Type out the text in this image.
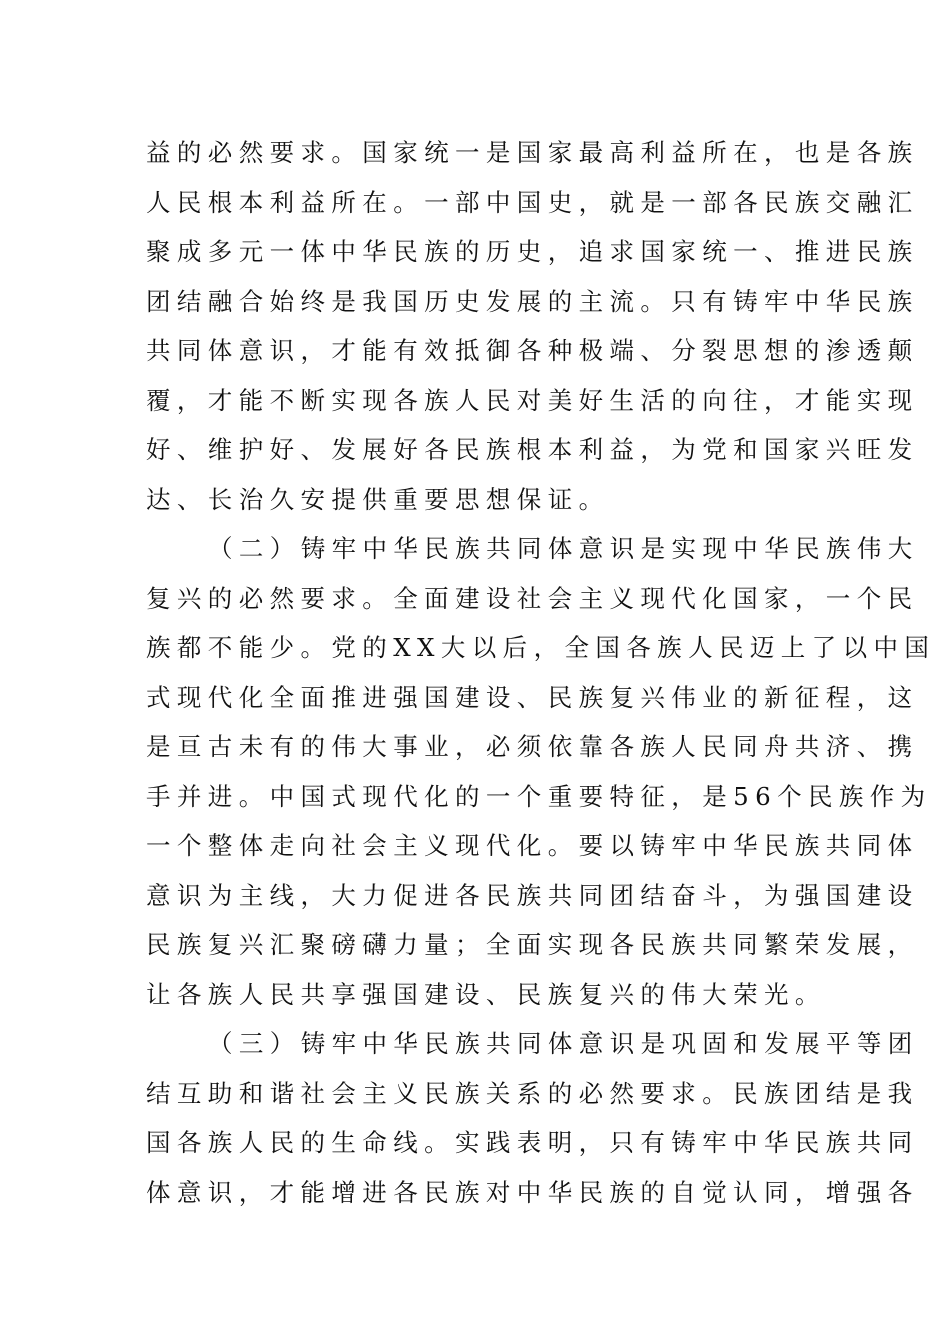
益的必然要求。国家统一是国家最高利益所在，也是各族
人民根本利益所在。一部中国史，就是一部各民族交融汇
聚成多元一体中华民族的历史，追求国家统一、推进民族
团结融合始终是我国历史发展的主流。只有铸牢中华民族
共同体意识，才能有效抵御各种极端、分裂思想的渗透颠
覆，才能不断实现各族人民对美好生活的向往，才能实现
好、维护好、发展好各民族根本利益，为党和国家兴旺发
达、长治久安提供重要思想保证。
（二）铸牢中华民族共同体意识是实现中华民族伟大
复兴的必然要求。全面建设社会主义现代化国家，一个民
族都不能少。党的XX大以后，全国各族人民迈上了以中国
式现代化全面推进强国建设、民族复兴伟业的新征程，这
是亘古未有的伟大事业，必须依靠各族人民同舟共济、携
手并进。中国式现代化的一个重要特征，是56个民族作为
一个整体走向社会主义现代化。要以铸牢中华民族共同体
意识为主线，大力促进各民族共同团结奋斗，为强国建设
民族复兴汇聚磅礴力量；全面实现各民族共同繁荣发展，
让各族人民共享强国建设、民族复兴的伟大荣光。
（三）铸牢中华民族共同体意识是巩固和发展平等团
结互助和谐社会主义民族关系的必然要求。民族团结是我
国各族人民的生命线。实践表明，只有铸牢中华民族共同
体意识，才能增进各民族对中华民族的自觉认同，增强各
